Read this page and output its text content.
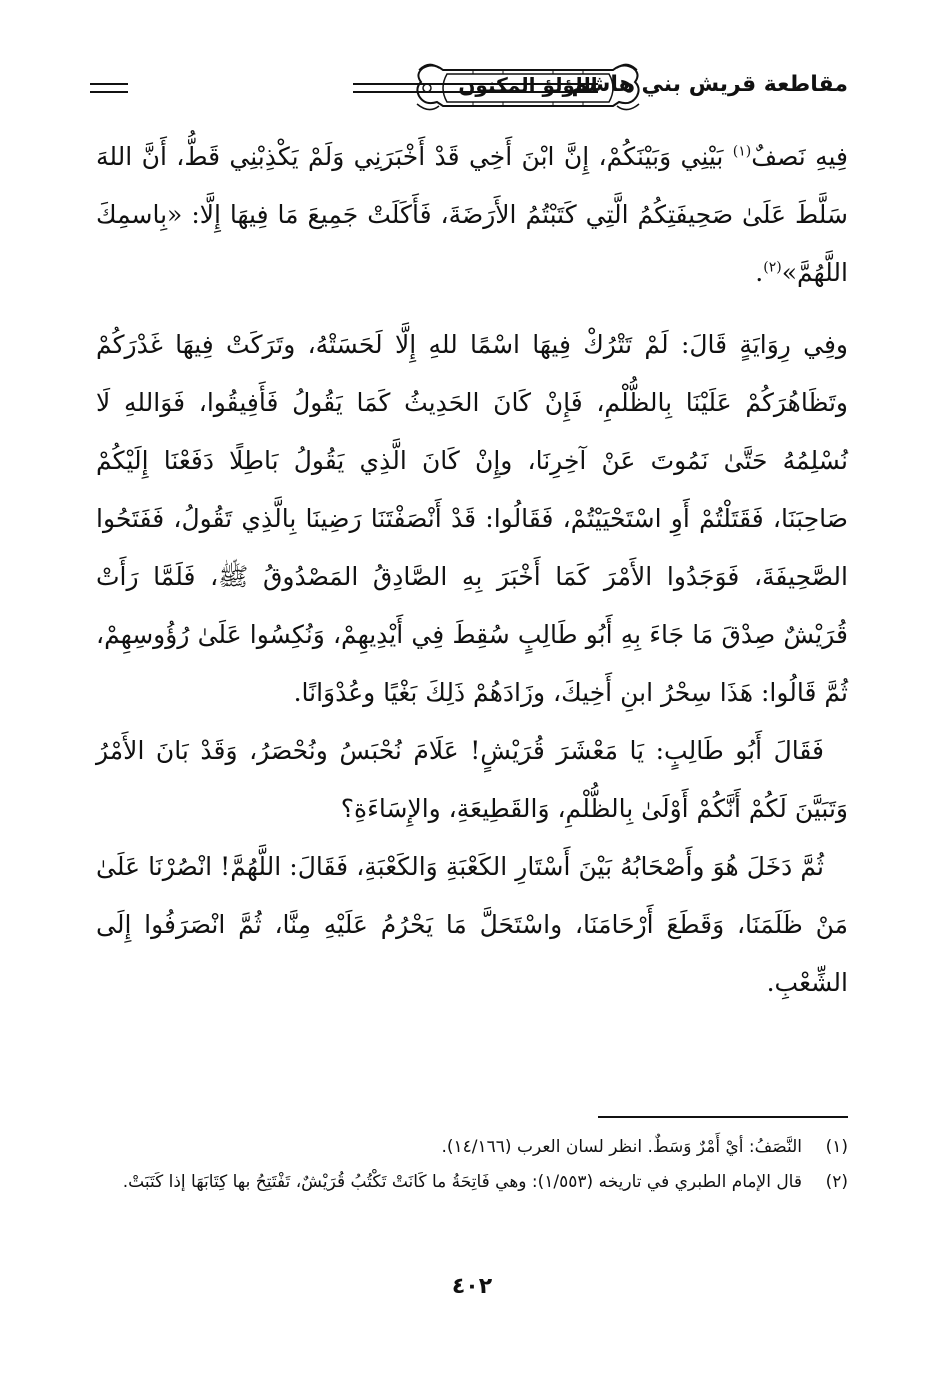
مقاطعة قريش بني هاشم
اللؤلؤ المكنون

فِيهِ نَصفٌ$^{(١)}$ بَيْنِي وَبَيْنَكُمْ، إِنَّ ابْنَ أَخِي قَدْ أَخْبَرَنِي وَلَمْ يَكْذِبْنِي قَطُّ، أَنَّ اللهَ سَلَّطَ عَلَىٰ صَحِيفَتِكُمُ الَّتِي كَتَبْتُمُ الأَرَضَةَ، فَأَكَلَتْ جَمِيعَ مَا فِيهَا إِلَّا: «بِاسمِكَ اللَّهُمَّ»$^{(٢)}$.

وفِي رِوَايَةٍ قَالَ: لَمْ تَتْرُكْ فِيهَا اسْمًا للهِ إِلَّا لَحَسَتْهُ، وتَرَكَتْ فِيهَا غَدْرَكُمْ وتَظَاهُرَكُمْ عَلَيْنَا بِالظُّلْمِ، فَإِنْ كَانَ الحَدِيثُ كَمَا يَقُولُ فَأَفِيقُوا، فَوَاللهِ لَا نُسْلِمُهُ حَتَّىٰ نَمُوتَ عَنْ آخِرِنَا، وإِنْ كَانَ الَّذِي يَقُولُ بَاطِلًا دَفَعْنَا إِلَيْكُمْ صَاحِبَنَا، فَقَتَلْتُمْ أَوِ اسْتَحْيَيْتُمْ، فَقَالُوا: قَدْ أَنْصَفْتَنَا رَضِينَا بِالَّذِي تَقُولُ، فَفَتَحُوا الصَّحِيفَةَ، فَوَجَدُوا الأَمْرَ كَمَا أَخْبَرَ بِهِ الصَّادِقُ المَصْدُوقُ ﷺ، فَلَمَّا رَأَتْ قُرَيْشٌ صِدْقَ مَا جَاءَ بِهِ أَبُو طَالِبٍ سُقِطَ فِي أَيْدِيهِمْ، وَنُكِسُوا عَلَىٰ رُؤُوسِهِمْ، ثُمَّ قَالُوا: هَذَا سِحْرُ ابنِ أَخِيكَ، وزَادَهُمْ ذَلِكَ بَغْيًا وعُدْوَانًا.

فَقَالَ أَبُو طَالِبٍ: يَا مَعْشَرَ قُرَيْشٍ! عَلَامَ نُحْبَسُ ونُحْصَرُ، وَقَدْ بَانَ الأَمْرُ وَتَبَيَّنَ لَكُمْ أَنَّكُمْ أَوْلَىٰ بِالظُّلْمِ، وَالقَطِيعَةِ، والإِسَاءَةِ؟

ثُمَّ دَخَلَ هُوَ وأَصْحَابُهُ بَيْنَ أَسْتَارِ الكَعْبَةِ وَالكَعْبَةِ، فَقَالَ: اللَّهُمَّ! انْصُرْنَا عَلَىٰ مَنْ ظَلَمَنَا، وَقَطَعَ أَرْحَامَنَا، واسْتَحَلَّ مَا يَحْرُمُ عَلَيْهِ مِنَّا، ثُمَّ انْصَرَفُوا إِلَى الشِّعْبِ.

(١)
النَّصَفُ: أيْ أَمْرٌ وَسَطٌ. انظر لسان العرب (١٤/١٦٦).
(٢)
قال الإمام الطبري في تاريخه (١/٥٥٣): وهي فَاتِحَةُ ما كَانَتْ تَكْتُبُ قُرَيْشٌ، تَفْتَتِحُ بها كِتَابَهَا إذا كَتَبَتْ.
٤٠٢
